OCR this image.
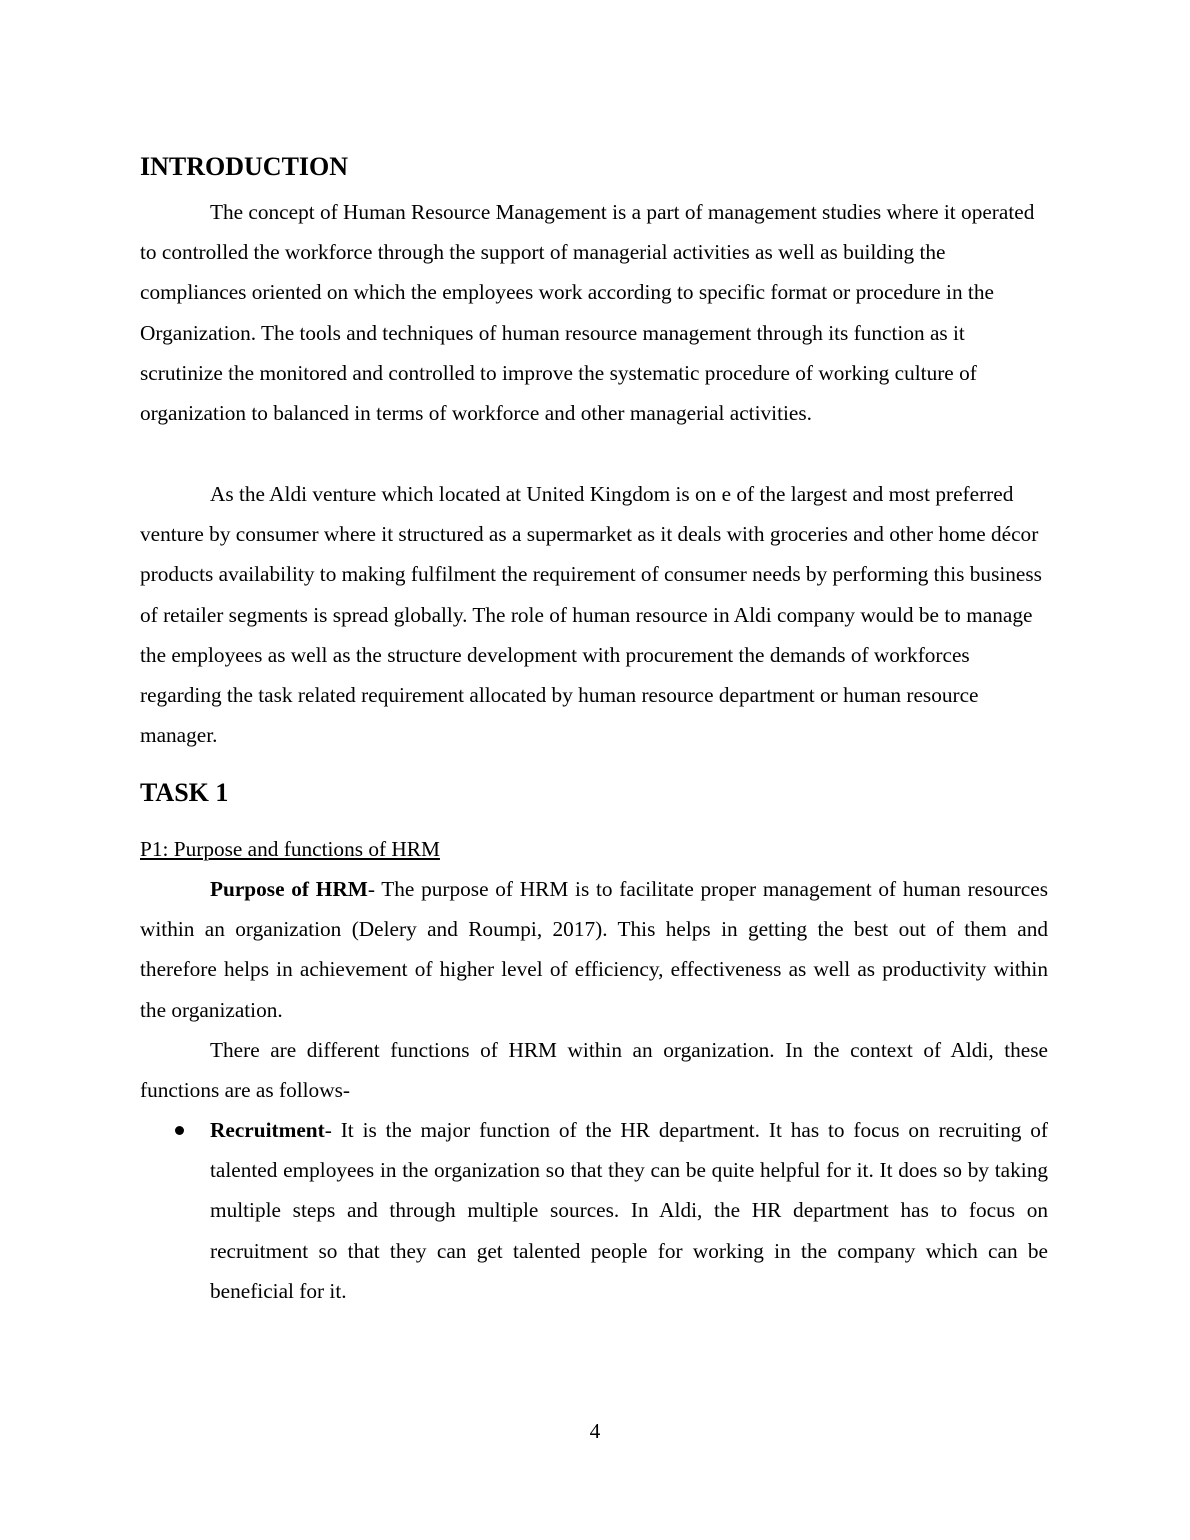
INTRODUCTION

The concept of Human Resource Management is a part of management studies where it operated to controlled the workforce through the support of managerial activities as well as building the compliances oriented on which the employees work according to specific format or procedure in the Organization. The tools and techniques of human resource management through its function as it scrutinize the monitored and controlled to improve the systematic procedure of working culture of organization to balanced in terms of workforce and other managerial activities.

As the Aldi venture which located at United Kingdom is on e of the largest and most preferred venture by consumer where it structured as a supermarket as it deals with groceries and other home décor products availability to making fulfilment the requirement of consumer needs by performing this business of retailer segments is spread globally. The role of human resource in Aldi company would be to manage the employees as well as the structure development with procurement the demands of workforces regarding the task related requirement allocated by human resource department or human resource manager.

TASK 1

P1: Purpose and functions of HRM

Purpose of HRM- The purpose of HRM is to facilitate proper management of human resources within an organization (Delery and Roumpi, 2017). This helps in getting the best out of them and therefore helps in achievement of higher level of efficiency, effectiveness as well as productivity within the organization.

There are different functions of HRM within an organization. In the context of Aldi, these functions are as follows-

Recruitment- It is the major function of the HR department. It has to focus on recruiting of talented employees in the organization so that they can be quite helpful for it. It does so by taking multiple steps and through multiple sources. In Aldi, the HR department has to focus on recruitment so that they can get talented people for working in the company which can be beneficial for it.

4
